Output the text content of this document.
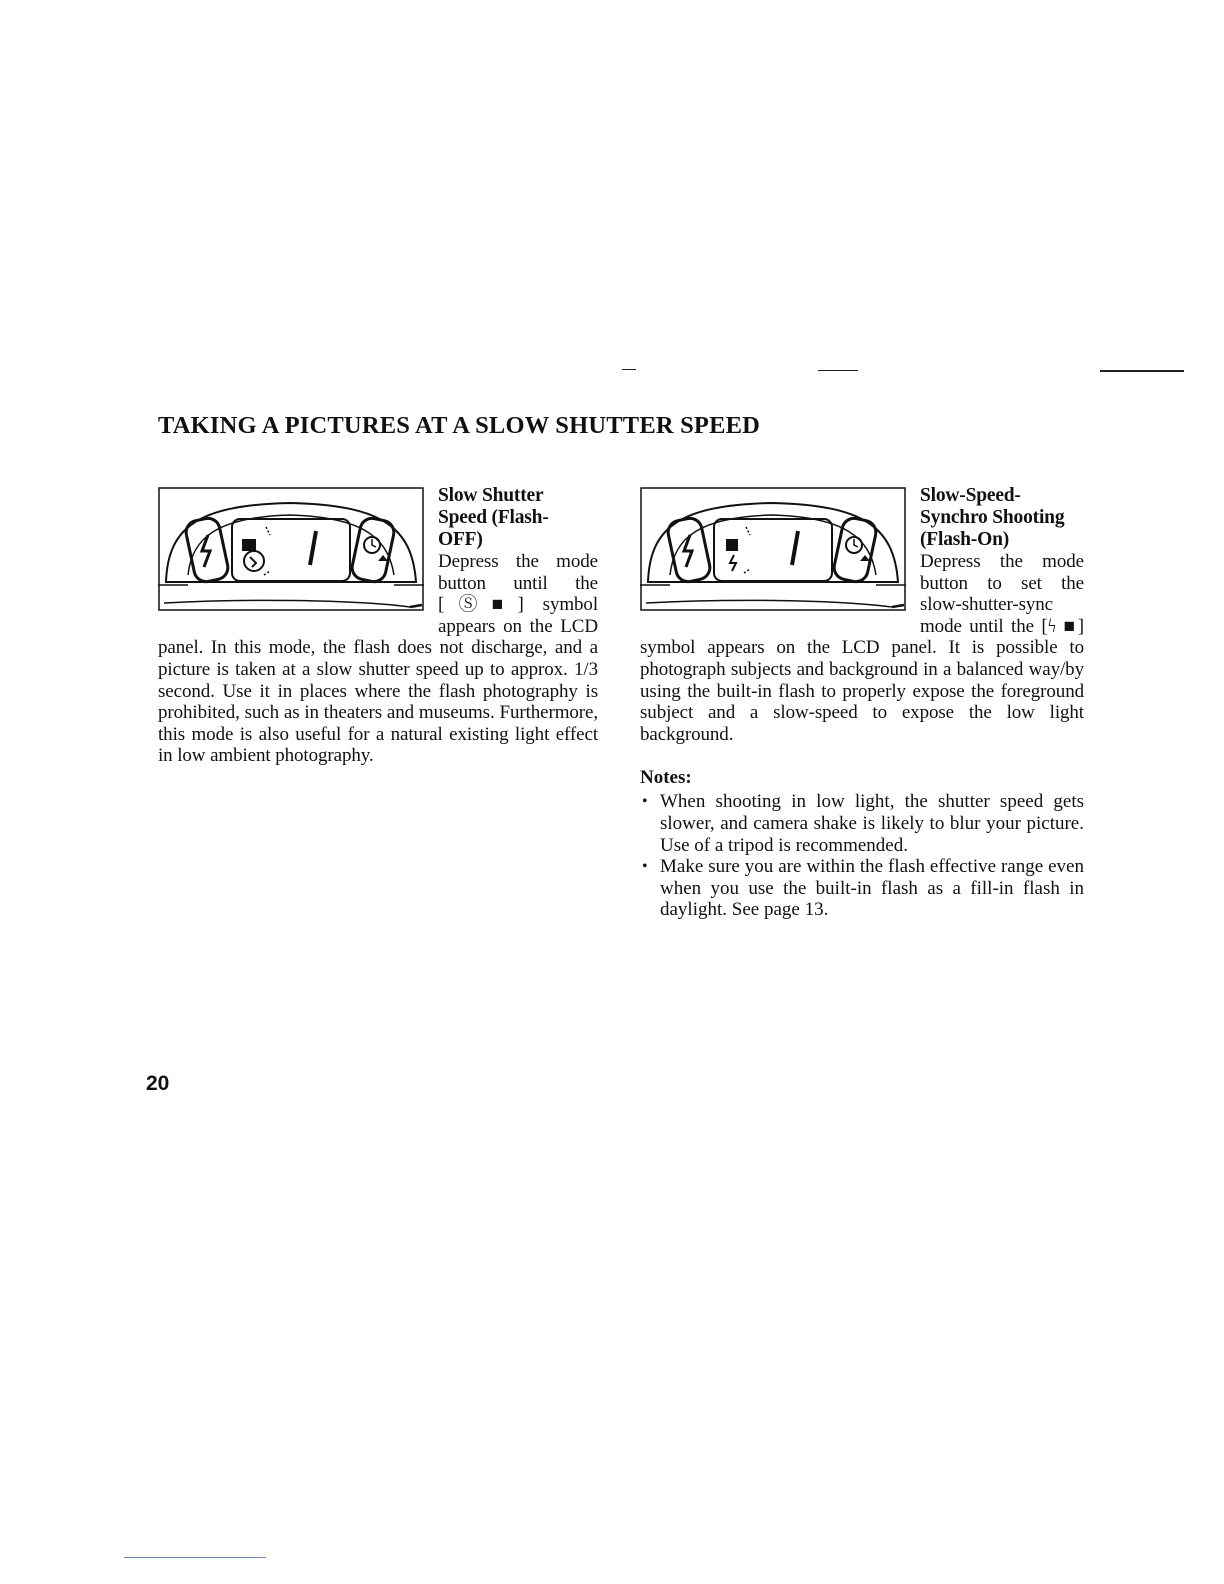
TAKING A PICTURES AT A SLOW SHUTTER SPEED
Slow Shutter
Speed (Flash-
OFF)

Depress the mode button until the [Ⓢ■] symbol appears on the LCD panel. In this mode, the flash does not discharge, and a picture is taken at a slow shutter speed up to approx. 1/3 second. Use it in places where the flash photography is prohibited, such as in theaters and museums. Furthermore, this mode is also useful for a natural existing light effect in low ambient photography.

Slow-Speed-
Synchro Shooting
(Flash-On)

Depress the mode button to set the slow-shutter-sync mode until the [ϟ ■] symbol appears on the LCD panel. It is possible to photograph subjects and background in a balanced way/by using the built-in flash to properly expose the foreground subject and a slow-speed to expose the low light background.

Notes:
• When shooting in low light, the shutter speed gets slower, and camera shake is likely to blur your picture. Use of a tripod is recommended.
• Make sure you are within the flash effective range even when you use the built-in flash as a fill-in flash in daylight. See page 13.

20
